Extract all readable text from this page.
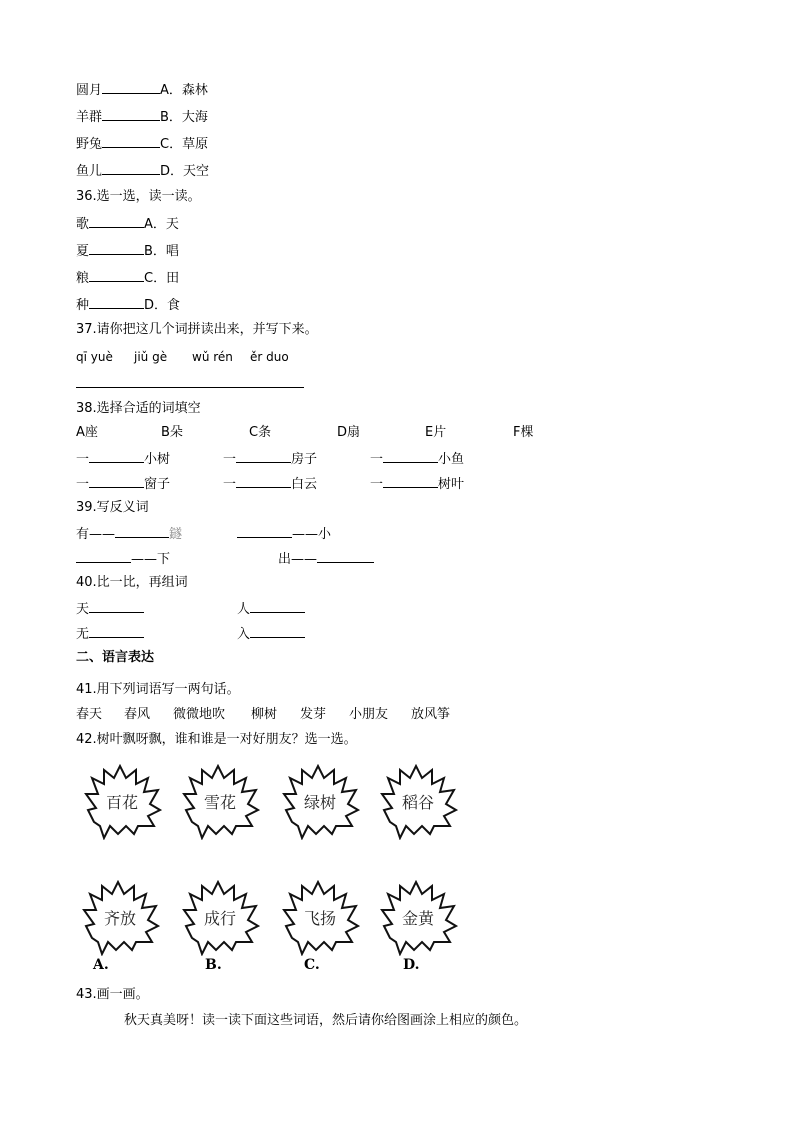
圆月	A．森林
羊群	B．大海
野兔	C．草原
鱼儿	D．天空
36.选一选，读一读。
歌	A．天
夏	B．唱
粮	C．田
种	D．食
37.请你把这几个词拼读出来，并写下来。
qī yuè jiǔ gè wǔ rén ěr duo
38.选择合适的词填空
A座	B朵	C条	D扇	E片	F棵
一	小树	一	房子	一	小鱼
一	窗子	一	白云	一	树叶
39.写反义词
有——	鐩	——小
——下	出——
40.比一比，再组词
天	人
无	入
二、语言表达
41.用下列词语写一两句话。
春天 春风 微微地吹 柳树 发芽 小朋友 放风筝
42.树叶飘呀飘，谁和谁是一对好朋友？选一选。
百花	雪花	绿树	稻谷
齐放	成行	飞扬	金黄
A.	B.	C.	D.
43.画一画。
秋天真美呀！读一读下面这些词语，然后请你给图画涂上相应的颜色。
